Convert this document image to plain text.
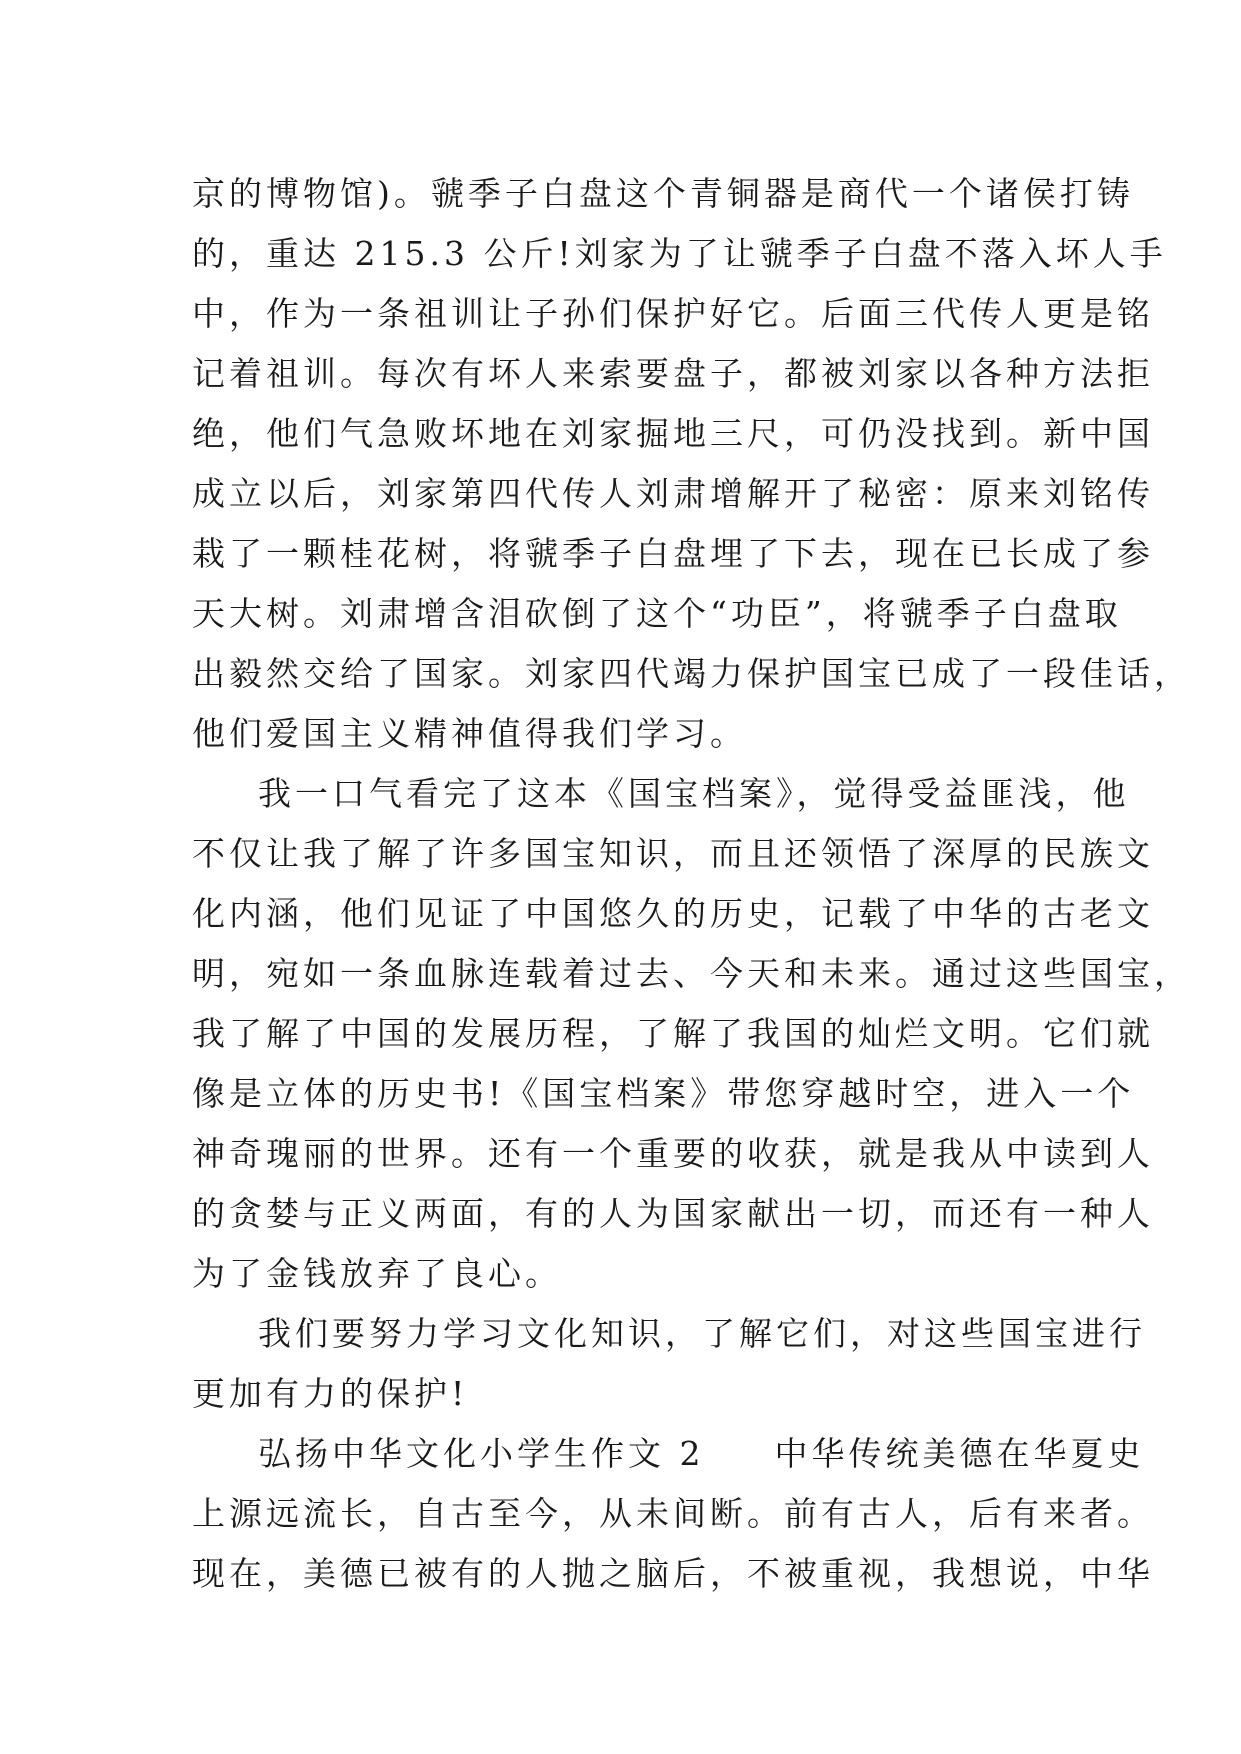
京的博物馆)。虢季子白盘这个青铜器是商代一个诸侯打铸
的，重达 215.3 公斤!刘家为了让虢季子白盘不落入坏人手
中，作为一条祖训让子孙们保护好它。后面三代传人更是铭
记着祖训。每次有坏人来索要盘子，都被刘家以各种方法拒
绝，他们气急败坏地在刘家掘地三尺，可仍没找到。新中国
成立以后，刘家第四代传人刘肃增解开了秘密：原来刘铭传
栽了一颗桂花树，将虢季子白盘埋了下去，现在已长成了参
天大树。刘肃增含泪砍倒了这个“功臣”，将虢季子白盘取
出毅然交给了国家。刘家四代竭力保护国宝已成了一段佳话，
他们爱国主义精神值得我们学习。
我一口气看完了这本《国宝档案》，觉得受益匪浅，他
不仅让我了解了许多国宝知识，而且还领悟了深厚的民族文
化内涵，他们见证了中国悠久的历史，记载了中华的古老文
明，宛如一条血脉连载着过去、今天和未来。通过这些国宝，
我了解了中国的发展历程，了解了我国的灿烂文明。它们就
像是立体的历史书!《国宝档案》带您穿越时空，进入一个
神奇瑰丽的世界。还有一个重要的收获，就是我从中读到人
的贪婪与正义两面，有的人为国家献出一切，而还有一种人
为了金钱放弃了良心。
我们要努力学习文化知识，了解它们，对这些国宝进行
更加有力的保护!
弘扬中华文化小学生作文 2 中华传统美德在华夏史
上源远流长，自古至今，从未间断。前有古人，后有来者。
现在，美德已被有的人抛之脑后，不被重视，我想说，中华
